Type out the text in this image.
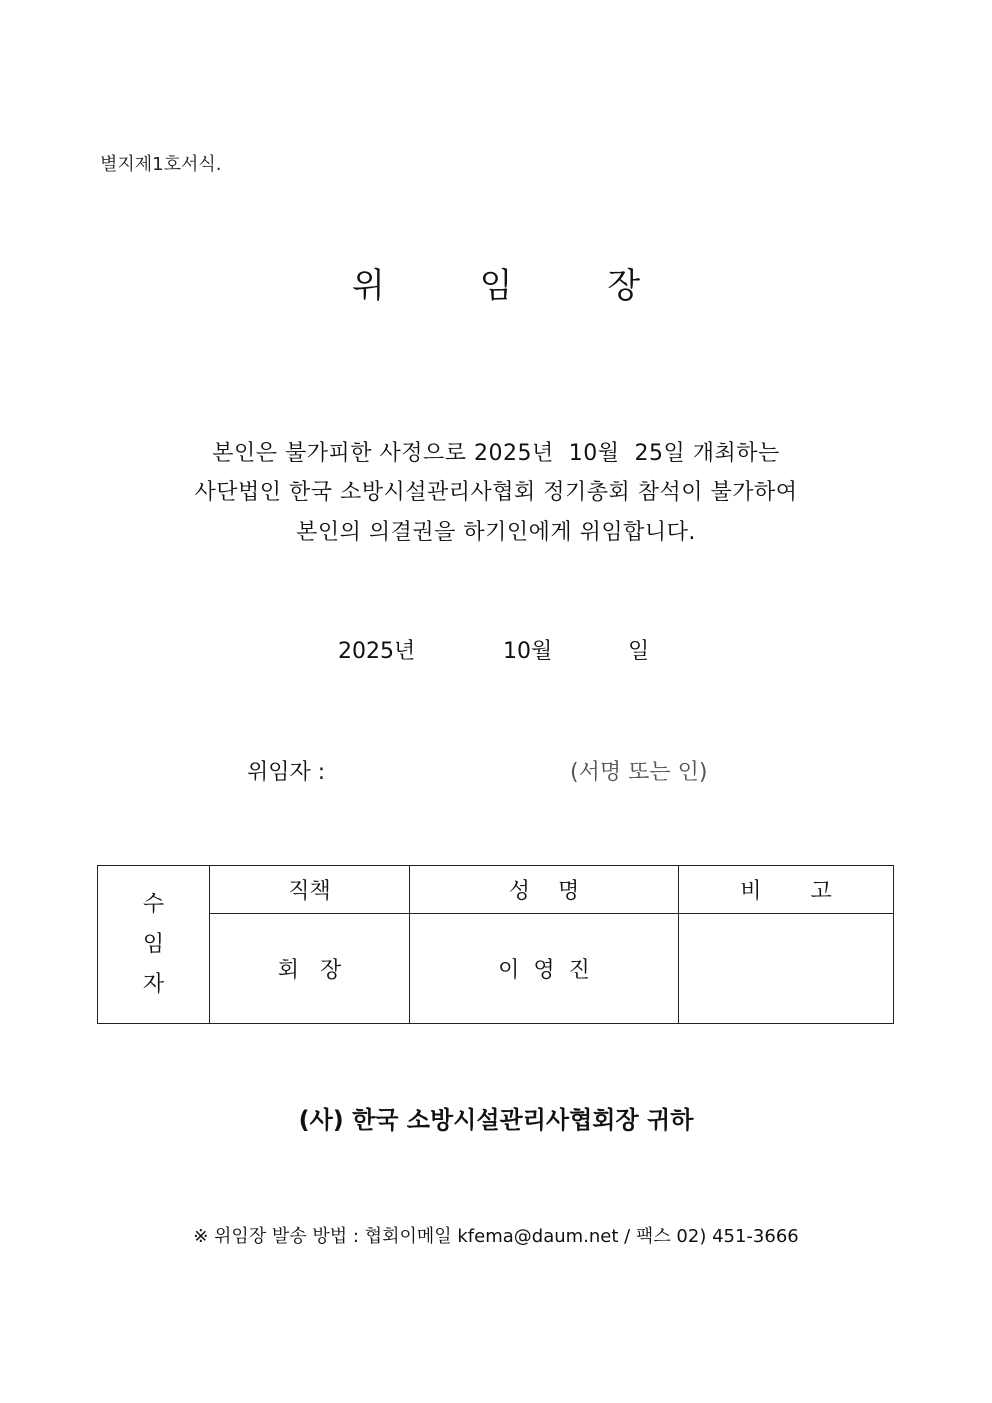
별지제1호서식.
위	임	장
본인은 불가피한 사정으로 2025년  10월  25일 개최하는
사단법인 한국 소방시설관리사협회 정기총회 참석이 불가하여
본인의 의결권을 하기인에게 위임합니다.
2025년	10월	일
위임자 :	(서명 또는 인)
수
임
자	직책	성    명	비       고
	회   장	이  영  진	
(사) 한국 소방시설관리사협회장 귀하
※ 위임장 발송 방법 : 협회이메일 kfema@daum.net / 팩스 02) 451-3666
